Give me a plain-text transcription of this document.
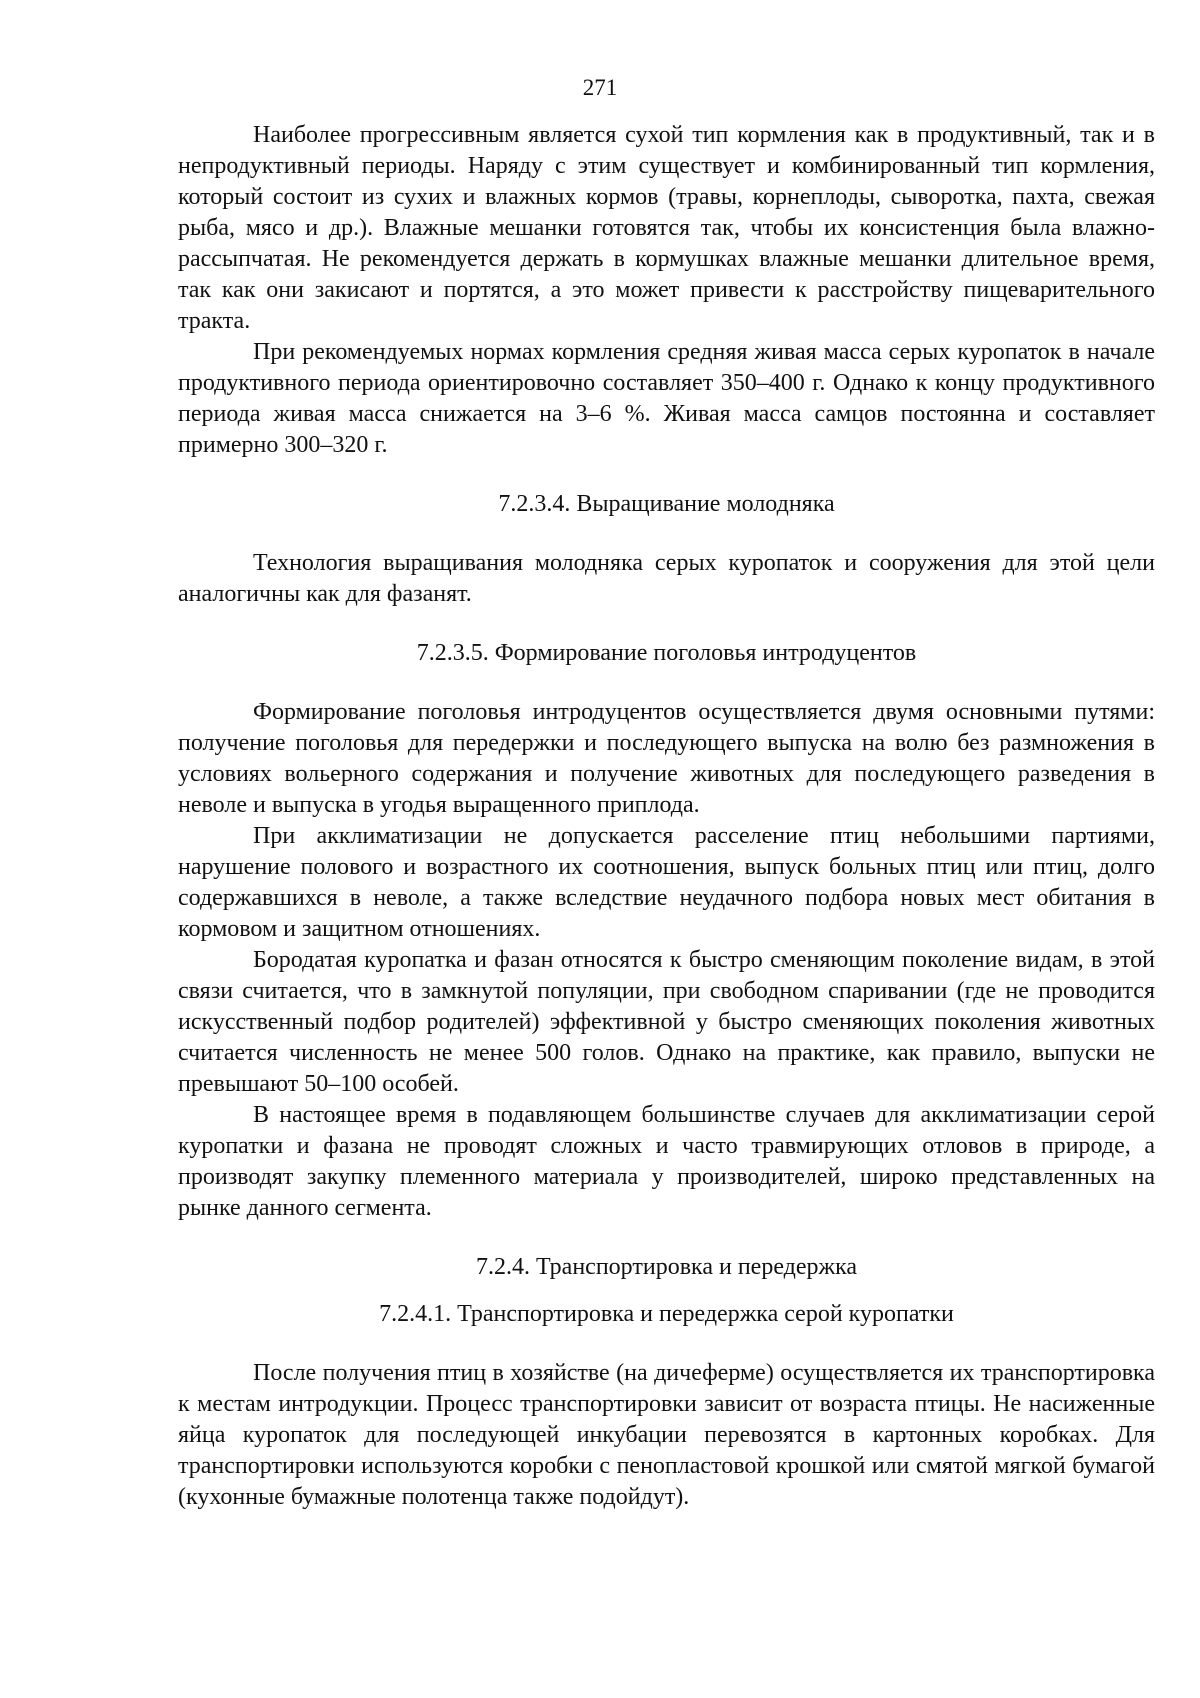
271

Наиболее прогрессивным является сухой тип кормления как в продуктивный, так и в непродуктивный периоды. Наряду с этим существует и комбинированный тип кормления, который состоит из сухих и влажных кормов (травы, корнеплоды, сыворотка, пахта, свежая рыба, мясо и др.). Влажные мешанки готовятся так, чтобы их консистенция была влажно-рассыпчатая. Не рекомендуется держать в кормушках влажные мешанки длительное время, так как они закисают и портятся, а это может привести к расстройству пищеварительного тракта.

При рекомендуемых нормах кормления средняя живая масса серых куропаток в начале продуктивного периода ориентировочно составляет 350–400 г. Однако к концу продуктивного периода живая масса снижается на 3–6 %. Живая масса самцов постоянна и составляет примерно 300–320 г.

7.2.3.4. Выращивание молодняка

Технология выращивания молодняка серых куропаток и сооружения для этой цели аналогичны как для фазанят.

7.2.3.5. Формирование поголовья интродуцентов

Формирование поголовья интродуцентов осуществляется двумя основными путями: получение поголовья для передержки и последующего выпуска на волю без размножения в условиях вольерного содержания и получение животных для последующего разведения в неволе и выпуска в угодья выращенного приплода.

При акклиматизации не допускается расселение птиц небольшими партиями, нарушение полового и возрастного их соотношения, выпуск больных птиц или птиц, долго содержавшихся в неволе, а также вследствие неудачного подбора новых мест обитания в кормовом и защитном отношениях.

Бородатая куропатка и фазан относятся к быстро сменяющим поколение видам, в этой связи считается, что в замкнутой популяции, при свободном спаривании (где не проводится искусственный подбор родителей) эффективной у быстро сменяющих поколения животных считается численность не менее 500 голов. Однако на практике, как правило, выпуски не превышают 50–100 особей.

В настоящее время в подавляющем большинстве случаев для акклиматизации серой куропатки и фазана не проводят сложных и часто травмирующих отловов в природе, а производят закупку племенного материала у производителей, широко представленных на рынке данного сегмента.

7.2.4. Транспортировка и передержка
7.2.4.1. Транспортировка и передержка серой куропатки

После получения птиц в хозяйстве (на дичеферме) осуществляется их транспортировка к местам интродукции. Процесс транспортировки зависит от возраста птицы. Не насиженные яйца куропаток для последующей инкубации перевозятся в картонных коробках. Для транспортировки используются коробки с пенопластовой крошкой или смятой мягкой бумагой (кухонные бумажные полотенца также подойдут).
